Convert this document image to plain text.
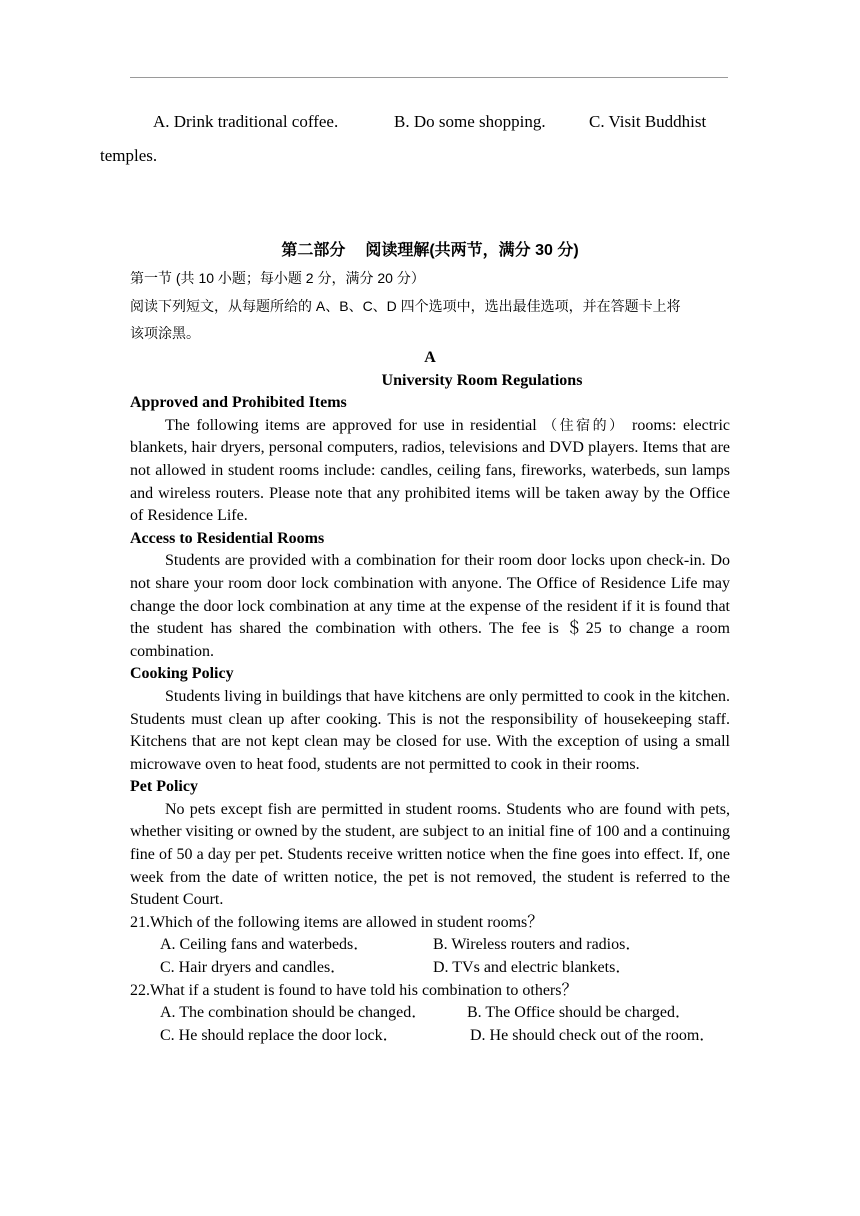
A. Drink traditional coffee.	B. Do some shopping.	C. Visit Buddhist
temples.
第二部分 阅读理解(共两节，满分 30 分)
第一节 (共 10 小题；每小题 2 分，满分 20 分）
阅读下列短文，从每题所给的 A、B、C、D 四个选项中，选出最佳选项，并在答题卡上将
该项涂黑。
A
University Room Regulations
Approved and Prohibited Items

The following items are approved for use in residential （住宿的） rooms: electric blankets, hair dryers, personal computers, radios, televisions and DVD players. Items that are not allowed in student rooms include: candles, ceiling fans, fireworks, waterbeds, sun lamps and wireless routers. Please note that any prohibited items will be taken away by the Office of Residence Life.

Access to Residential Rooms

Students are provided with a combination for their room door locks upon check-in. Do not share your room door lock combination with anyone. The Office of Residence Life may change the door lock combination at any time at the expense of the resident if it is found that the student has shared the combination with others. The fee is ＄25 to change a room combination.

Cooking Policy

Students living in buildings that have kitchens are only permitted to cook in the kitchen. Students must clean up after cooking. This is not the responsibility of housekeeping staff. Kitchens that are not kept clean may be closed for use. With the exception of using a small microwave oven to heat food, students are not permitted to cook in their rooms.

Pet Policy

No pets except fish are permitted in student rooms. Students who are found with pets, whether visiting or owned by the student, are subject to an initial fine of 100 and a continuing fine of 50 a day per pet. Students receive written notice when the fine goes into effect. If, one week from the date of written notice, the pet is not removed, the student is referred to the Student Court.

21.Which of the following items are allowed in student rooms？
A. Ceiling fans and waterbeds．	B. Wireless routers and radios．
C. Hair dryers and candles．	D. TVs and electric blankets．
22.What if a student is found to have told his combination to others？
A. The combination should be changed． B. The Office should be charged．
C. He should replace the door lock．	D. He should check out of the room．
